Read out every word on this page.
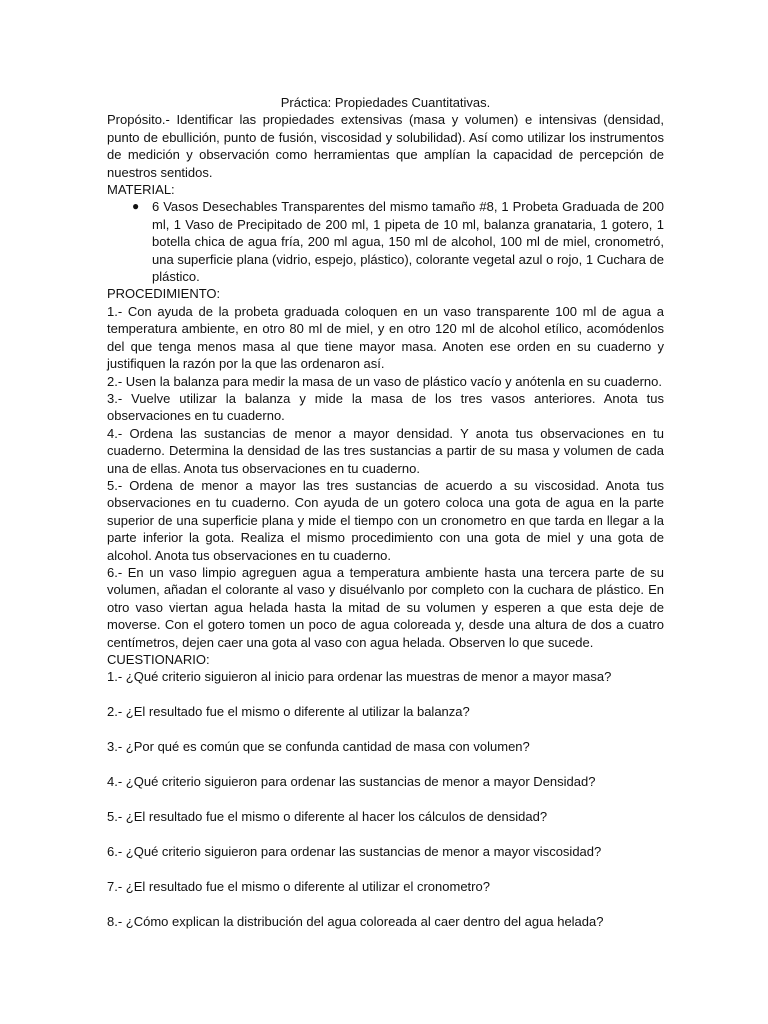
Práctica: Propiedades Cuantitativas.

Propósito.- Identificar las propiedades extensivas (masa y volumen) e intensivas (densidad, punto de ebullición, punto de fusión, viscosidad y solubilidad). Así como utilizar los instrumentos de medición y observación como herramientas que amplían la capacidad de percepción de nuestros sentidos.

MATERIAL:

● 6 Vasos Desechables Transparentes del mismo tamaño #8, 1 Probeta Graduada de 200 ml, 1 Vaso de Precipitado de 200 ml, 1 pipeta de 10 ml, balanza granataria, 1 gotero, 1 botella chica de agua fría, 200 ml agua, 150 ml de alcohol, 100 ml de miel, cronometró, una superficie plana (vidrio, espejo, plástico), colorante vegetal azul o rojo, 1 Cuchara de plástico.

PROCEDIMIENTO:

1.- Con ayuda de la probeta graduada coloquen en un vaso transparente 100 ml de agua a temperatura ambiente, en otro 80 ml de miel, y en otro 120 ml de alcohol etílico, acomódenlos del que tenga menos masa al que tiene mayor masa. Anoten ese orden en su cuaderno y justifiquen la razón por la que las ordenaron así.

2.- Usen la balanza para medir la masa de un vaso de plástico vacío y anótenla en su cuaderno.

3.- Vuelve utilizar la balanza y mide la masa de los tres vasos anteriores. Anota tus observaciones en tu cuaderno.

4.- Ordena las sustancias de menor a mayor densidad. Y anota tus observaciones en tu cuaderno. Determina la densidad de las tres sustancias a partir de su masa y volumen de cada una de ellas. Anota tus observaciones en tu cuaderno.

5.- Ordena de menor a mayor las tres sustancias de acuerdo a su viscosidad. Anota tus observaciones en tu cuaderno. Con ayuda de un gotero coloca una gota de agua en la parte superior de una superficie plana y mide el tiempo con un cronometro en que tarda en llegar a la parte inferior la gota. Realiza el mismo procedimiento con una gota de miel y una gota de alcohol. Anota tus observaciones en tu cuaderno.

6.- En un vaso limpio agreguen agua a temperatura ambiente hasta una tercera parte de su volumen, añadan el colorante al vaso y disuélvanlo por completo con la cuchara de plástico. En otro vaso viertan agua helada hasta la mitad de su volumen y esperen a que esta deje de moverse. Con el gotero tomen un poco de agua coloreada y, desde una altura de dos a cuatro centímetros, dejen caer una gota al vaso con agua helada. Observen lo que sucede.

CUESTIONARIO:

1.- ¿Qué criterio siguieron al inicio para ordenar las muestras de menor a mayor masa?

2.- ¿El resultado fue el mismo o diferente al utilizar la balanza?

3.- ¿Por qué es común que se confunda cantidad de masa con volumen?

4.- ¿Qué criterio siguieron para ordenar las sustancias de menor a mayor Densidad?

5.- ¿El resultado fue el mismo o diferente al hacer los cálculos de densidad?

6.- ¿Qué criterio siguieron para ordenar las sustancias de menor a mayor viscosidad?

7.- ¿El resultado fue el mismo o diferente al utilizar el cronometro?

8.- ¿Cómo explican la distribución del agua coloreada al caer dentro del agua helada?
